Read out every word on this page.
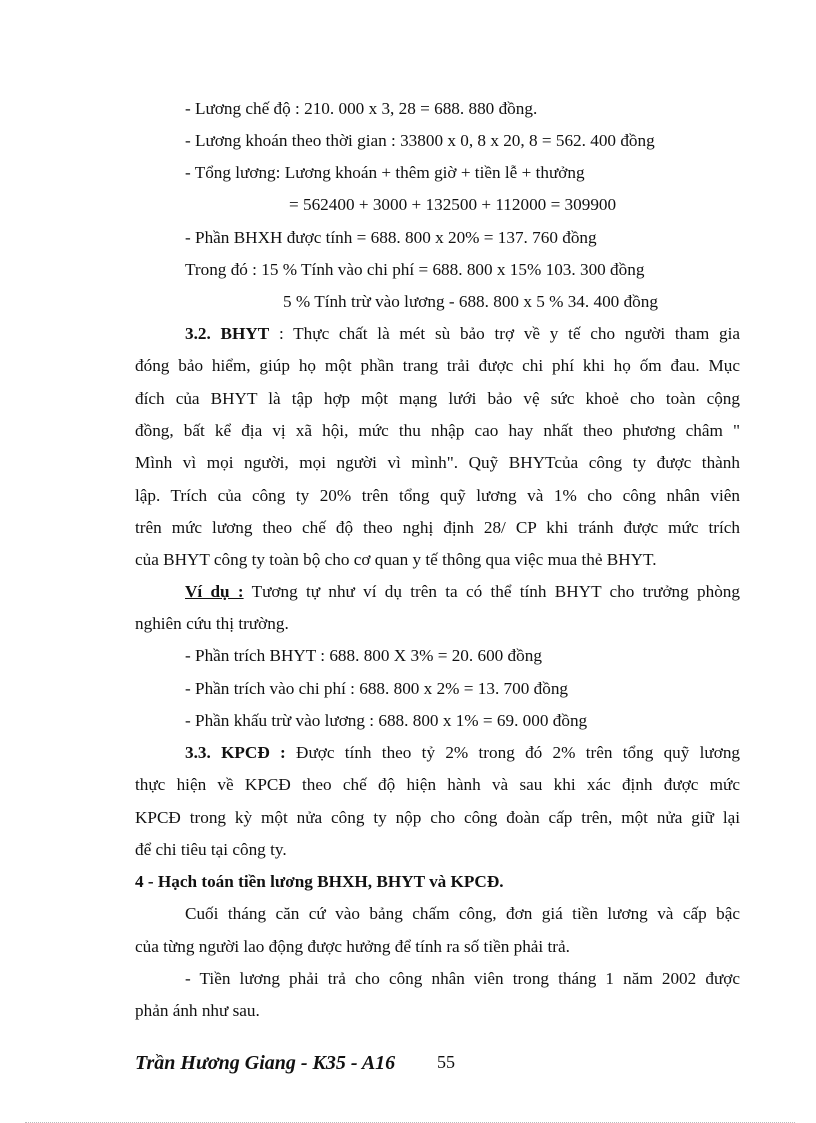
- Lương chế độ : 210. 000 x 3, 28 = 688. 880 đồng.
- Lương khoán theo thời gian : 33800 x 0, 8 x 20, 8 = 562. 400 đồng
- Tổng lương: Lương khoán + thêm giờ + tiền lễ + thưởng
= 562400 + 3000 + 132500 + 112000 = 309900
- Phần BHXH được tính = 688. 800 x 20% = 137. 760 đồng
Trong đó : 15 % Tính vào chi phí = 688. 800 x 15% 103. 300 đồng
5 % Tính trừ vào lương - 688. 800 x 5 % 34. 400 đồng
3.2. BHYT : Thực chất là mét sù bảo trợ về y tế cho người tham gia
đóng bảo hiểm, giúp họ một phần trang trải được chi phí khi họ ốm đau. Mục
đích của BHYT là tập hợp một mạng lưới bảo vệ sức khoẻ cho toàn cộng
đồng, bất kể địa vị xã hội, mức thu nhập cao hay nhất theo phương châm "
Mình vì mọi người, mọi người vì mình". Quỹ BHYTcủa công ty được thành
lập. Trích của công ty 20% trên tổng quỹ lương và 1% cho công nhân viên
trên mức lương theo chế độ theo nghị định 28/ CP khi tránh được mức trích
của BHYT công ty toàn bộ cho cơ quan y tế thông qua việc mua thẻ BHYT.
Ví dụ : Tương tự như ví dụ trên ta có thể tính BHYT cho trưởng phòng
nghiên cứu thị trường.
- Phần trích BHYT : 688. 800 X 3% = 20. 600 đồng
- Phần trích vào chi phí : 688. 800 x 2% = 13. 700 đồng
- Phần khấu trừ vào lương : 688. 800 x 1% = 69. 000 đồng
3.3. KPCĐ : Được tính theo tỷ 2% trong đó 2% trên tổng quỹ lương
thực hiện về KPCĐ theo chế độ hiện hành và sau khi xác định được mức
KPCĐ trong kỳ một nửa công ty nộp cho công đoàn cấp trên, một nửa giữ lại
để chi tiêu tại công ty.
4 - Hạch toán tiền lương BHXH, BHYT và KPCĐ.
Cuối tháng căn cứ vào bảng chấm công, đơn giá tiền lương và cấp bậc
của từng người lao động được hưởng để tính ra số tiền phải trả.
- Tiền lương phải trả cho công nhân viên trong tháng 1 năm 2002 được
phản ánh như sau.
Trần Hương Giang - K35 - A16 55
